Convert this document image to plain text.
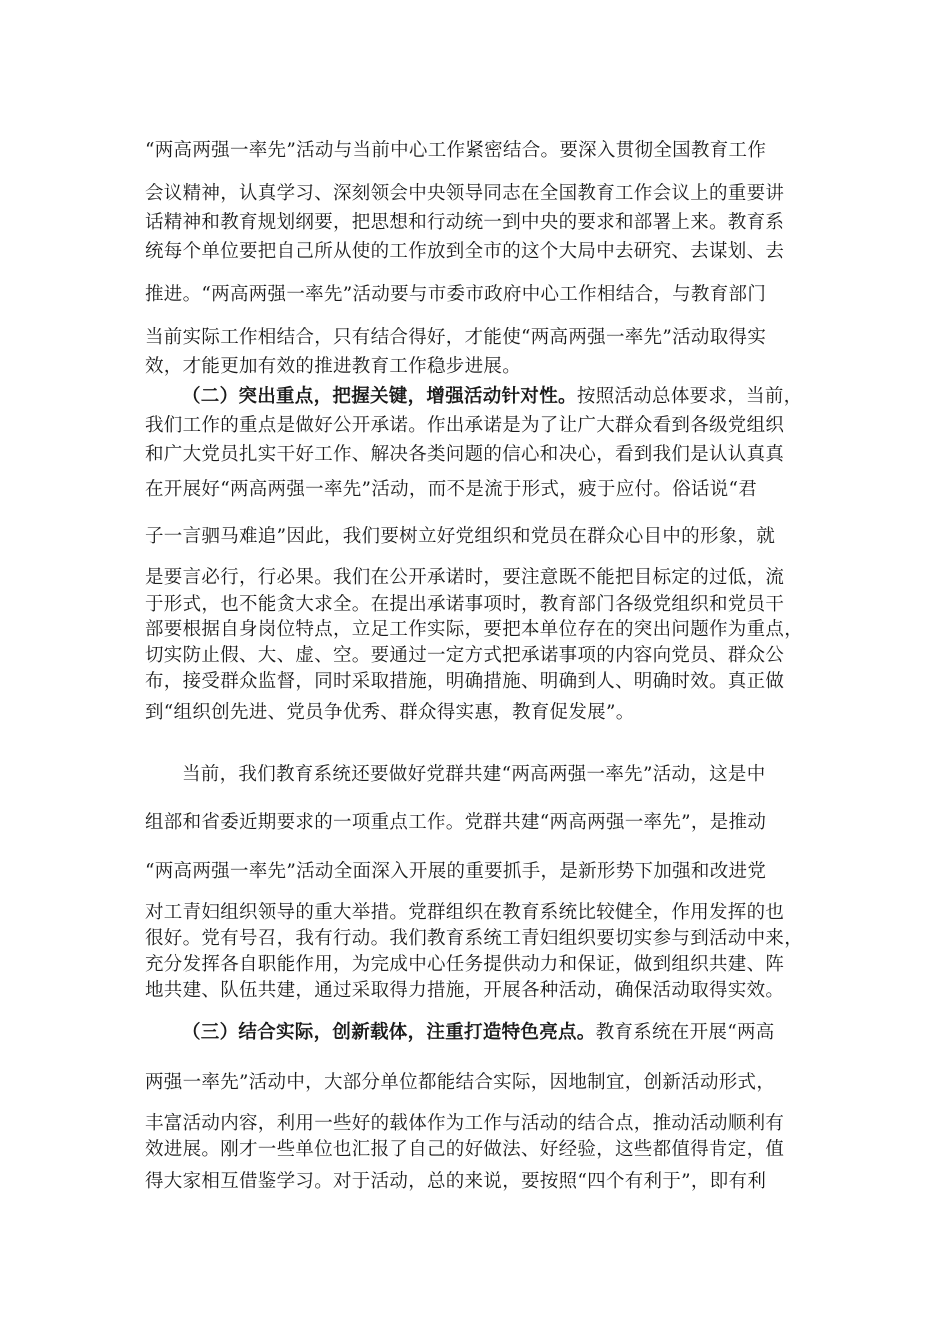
“两高两强一率先”活动与当前中心工作紧密结合。要深入贯彻全国教育工作
会议精神，认真学习、深刻领会中央领导同志在全国教育工作会议上的重要讲
话精神和教育规划纲要，把思想和行动统一到中央的要求和部署上来。教育系
统每个单位要把自己所从使的工作放到全市的这个大局中去研究、去谋划、去
推进。“两高两强一率先”活动要与市委市政府中心工作相结合，与教育部门
当前实际工作相结合，只有结合得好，才能使“两高两强一率先”活动取得实
效，才能更加有效的推进教育工作稳步进展。
（二）突出重点，把握关键，增强活动针对性。按照活动总体要求，当前，
我们工作的重点是做好公开承诺。作出承诺是为了让广大群众看到各级党组织
和广大党员扎实干好工作、解决各类问题的信心和决心，看到我们是认认真真
在开展好“两高两强一率先”活动，而不是流于形式，疲于应付。俗话说“君
子一言驷马难追”因此，我们要树立好党组织和党员在群众心目中的形象，就
是要言必行，行必果。我们在公开承诺时，要注意既不能把目标定的过低，流
于形式，也不能贪大求全。在提出承诺事项时，教育部门各级党组织和党员干
部要根据自身岗位特点，立足工作实际，要把本单位存在的突出问题作为重点，
切实防止假、大、虚、空。要通过一定方式把承诺事项的内容向党员、群众公
布，接受群众监督，同时采取措施，明确措施、明确到人、明确时效。真正做
到“组织创先进、党员争优秀、群众得实惠，教育促发展”。
当前，我们教育系统还要做好党群共建“两高两强一率先”活动，这是中
组部和省委近期要求的一项重点工作。党群共建“两高两强一率先”，是推动
“两高两强一率先”活动全面深入开展的重要抓手，是新形势下加强和改进党
对工青妇组织领导的重大举措。党群组织在教育系统比较健全，作用发挥的也
很好。党有号召，我有行动。我们教育系统工青妇组织要切实参与到活动中来，
充分发挥各自职能作用，为完成中心任务提供动力和保证，做到组织共建、阵
地共建、队伍共建，通过采取得力措施，开展各种活动，确保活动取得实效。
（三）结合实际，创新载体，注重打造特色亮点。教育系统在开展“两高
两强一率先”活动中，大部分单位都能结合实际，因地制宜，创新活动形式，
丰富活动内容，利用一些好的载体作为工作与活动的结合点，推动活动顺利有
效进展。刚才一些单位也汇报了自己的好做法、好经验，这些都值得肯定，值
得大家相互借鉴学习。对于活动，总的来说，要按照“四个有利于”，即有利
